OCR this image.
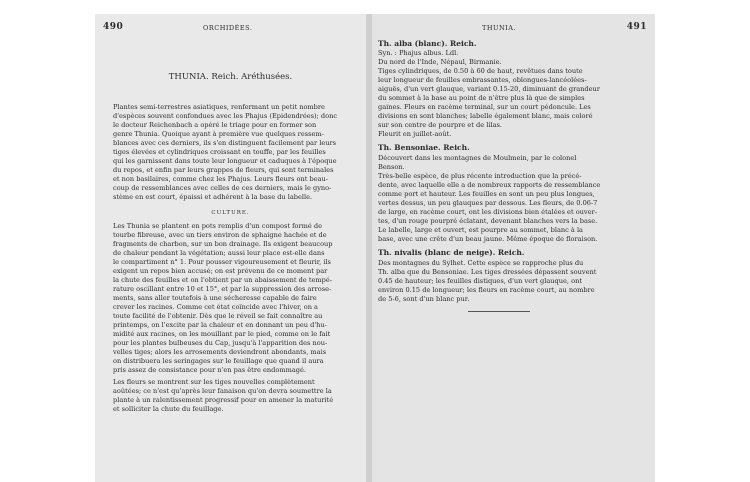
490	ORCHIDÉES.
THUNIA. Reich. Aréthusées.
Plantes semi-terrestres asiatiques, renfermant un petit nombre
d'espèces souvent confondues avec les Phajus (Epidendrées); donc
le docteur Reichenbach a opéré le triage pour en former son
genre Thunia. Quoique ayant à première vue quelques ressem-
blances avec ces derniers, ils s'en distinguent facilement par leurs
tiges élevées et cylindriques croissant en touffe, par les feuilles
qui les garnissent dans toute leur longueur et caduques à l'époque
du repos, et enfin par leurs grappes de fleurs, qui sont terminales
et non basilaires, comme chez les Phajus. Leurs fleurs ont beau-
coup de ressemblances avec celles de ces derniers, mais le gyno-
stème en est court, épaissi et adhérent à la base du labelle.
CULTURE.
Les Thunia se plantent en pots remplis d'un compost formé de
tourbe fibreuse, avec un tiers environ de sphaigne hachée et de
fragments de charbon, sur un bon drainage. Ils exigent beaucoup
de chaleur pendant la végétation; aussi leur place est-elle dans
le compartiment n° 1. Pour pousser vigoureusement et fleurir, ils
exigent un repos bien accusé; on est prévenu de ce moment par
la chute des feuilles et on l'obtient par un abaissement de tempé-
rature oscillant entre 10 et 15°, et par la suppression des arrose-
ments, sans aller toutefois à une sécheresse capable de faire
crever les racines. Comme cet état coïncide avec l'hiver, on a
toute facilité de l'obtenir. Dès que le réveil se fait connaître au
printemps, on l'excite par la chaleur et en donnant un peu d'hu-
midité aux racines, on les mouillant par le pied, comme on le fait
pour les plantes bulbeuses du Cap, jusqu'à l'apparition des nou-
velles tiges; alors les arrosements deviendront abondants, mais
on distribuera les seringages sur le feuillage que quand il aura
pris assez de consistance pour n'en pas être endommagé.
Les fleurs se montrent sur les tiges nouvelles complètement
aoûtées; ce n'est qu'après leur fanaison qu'on devra soumettre la
plante à un ralentissement progressif pour en amener la maturité
et solliciter la chute du feuillage.
THUNIA.	491
Th. alba (blanc). Reich.
Syn. : Phajus albus. Ldl.
Du nord de l'Inde, Népaul, Birmanie.
Tiges cylindriques, de 0.50 à 60 de haut, revêtues dans toute
leur longueur de feuilles embrassantes, oblongues-lancéolées-
aiguës, d'un vert glauque, variant 0.15-20, diminuant de grandeur
du sommet à la base au point de n'être plus là que de simples
gaines. Fleurs en racème terminal, sur un court pédoncule. Les
divisions en sont blanches; labelle également blanc, mais coloré
sur son centre de pourpre et de lilas.
Fleurit en juillet-août.
Th. Bensoniae. Reich.
Découvert dans les montagnes de Moulmein, par le colonel
Benson.
Très-belle espèce, de plus récente introduction que la précé-
dente, avec laquelle elle a de nombreux rapports de ressemblance
comme port et hauteur. Les feuilles en sont un peu plus longues,
vertes dessus, un peu glauques par dessous. Les fleurs, de 0.06-7
de large, en racème court, ont les divisions bien étalées et ouver-
tes, d'un rouge pourpré éclatant, devenant blanches vers la base.
Le labelle, large et ouvert, est pourpre au sommet, blanc à la
base, avec une crête d'un beau jaune. Même époque de floraison.
Th. nivalis (blanc de neige). Reich.
Des montagnes du Sylhet. Cette espèce se rapproche plus du
Th. alba que du Bensoniae. Les tiges dressées dépassent souvent
0.45 de hauteur; les feuilles distiques, d'un vert glauque, ont
environ 0.15 de longueur; les fleurs en racème court, au nombre
de 5-6, sont d'un blanc pur.
